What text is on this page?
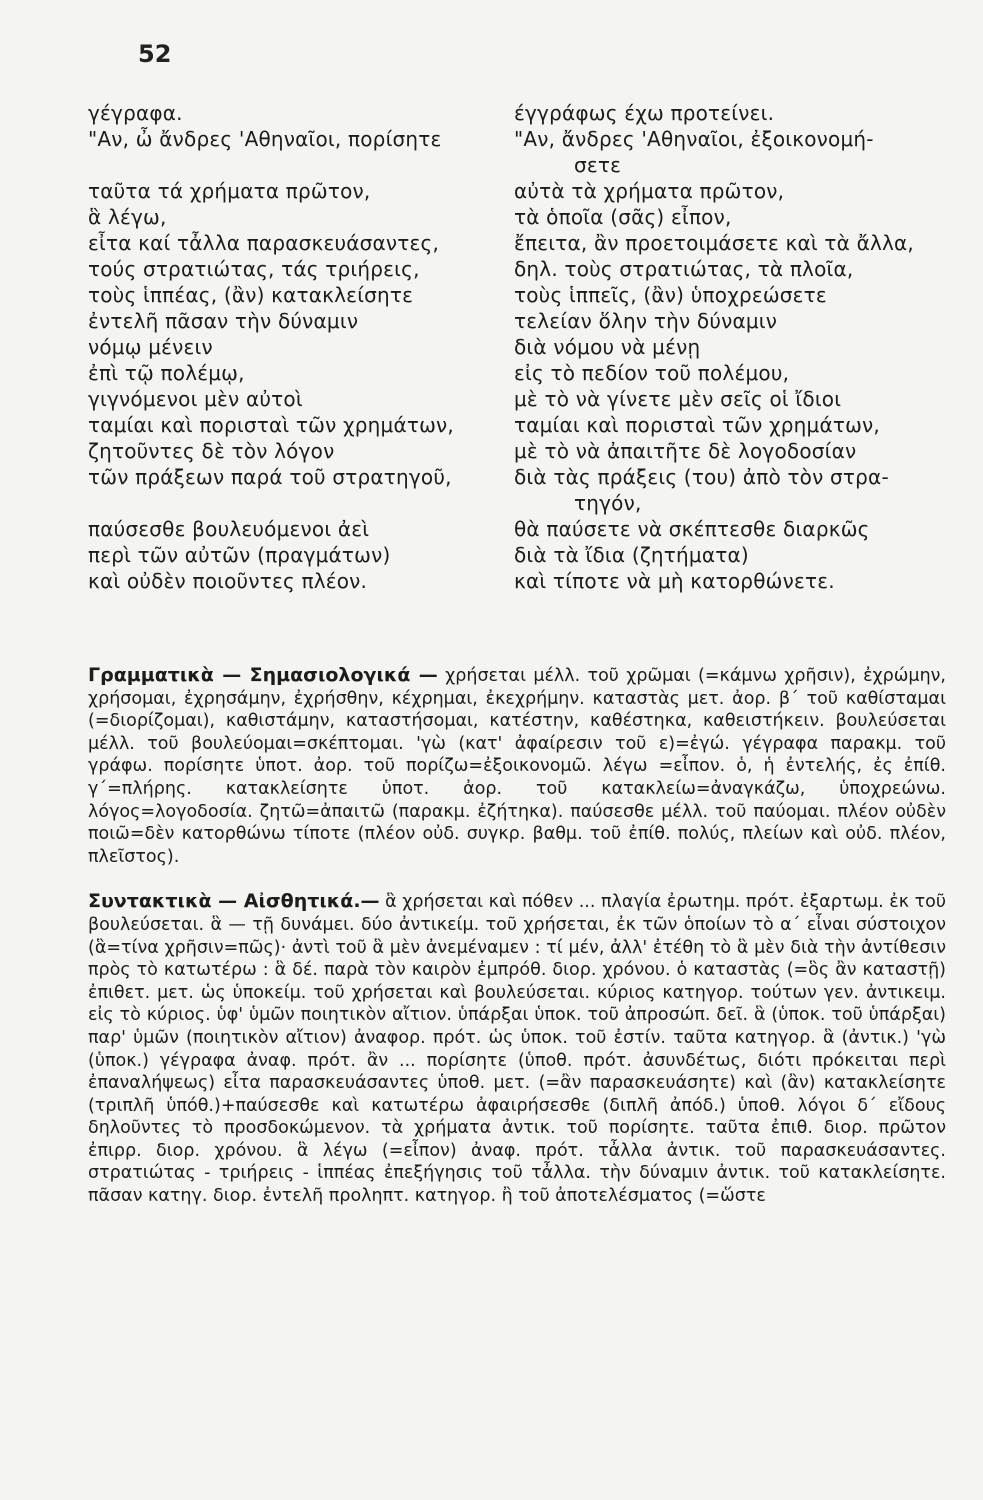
52
γέγραφα.	έγγράφως έχω προτείνει.
"Αν, ὦ ἄνδρες 'Αθηναῖοι, πορίσητε	"Αν, ἄνδρες 'Αθηναῖοι, ἐξοικονομή-
σετε
ταῦτα τά χρήματα πρῶτον,	αὐτὰ τὰ χρήματα πρῶτον,
ἃ λέγω,	τὰ ὁποῖα (σᾶς) εἶπον,
εἶτα καί τἆλλα παρασκευάσαντες,	ἔπειτα, ἂν προετοιμάσετε καὶ τὰ ἄλλα,
τούς στρατιώτας, τάς τριήρεις,	δηλ. τοὺς στρατιώτας, τὰ πλοῖα,
τοὺς ἱππέας, (ἂν) κατακλείσητε	τοὺς ἱππεῖς, (ἂν) ὑποχρεώσετε
ἐντελῆ πᾶσαν τὴν δύναμιν	τελείαν ὅλην τὴν δύναμιν
νόμῳ μένειν	διὰ νόμου νὰ μένῃ
ἐπὶ τῷ πολέμῳ,	εἰς τὸ πεδίον τοῦ πολέμου,
γιγνόμενοι μὲν αὐτοὶ	μὲ τὸ νὰ γίνετε μὲν σεῖς οἱ ἴδιοι
ταμίαι καὶ πορισταὶ τῶν χρημάτων,	ταμίαι καὶ πορισταὶ τῶν χρημάτων,
ζητοῦντες δὲ τὸν λόγον	μὲ τὸ νὰ ἀπαιτῆτε δὲ λογοδοσίαν
τῶν πράξεων παρά τοῦ στρατηγοῦ,	διὰ τὰς πράξεις (του) ἀπὸ τὸν στρα-
τηγόν,
παύσεσθε βουλευόμενοι ἀεὶ	θὰ παύσετε νὰ σκέπτεσθε διαρκῶς
περὶ τῶν αὐτῶν (πραγμάτων)	διὰ τὰ ἴδια (ζητήματα)
καὶ οὐδὲν ποιοῦντες πλέον.	καὶ τίποτε νὰ μὴ κατορθώνετε.

Γραμματικὰ — Σημασιολογικά — χρήσεται μέλλ. τοῦ χρῶμαι (=κάμνω χρῆσιν), ἐχρώμην, χρήσομαι, ἐχρησάμην, ἐχρήσθην, κέχρημαι, ἐκεχρήμην. καταστὰς μετ. ἀορ. β΄ τοῦ καθίσταμαι (=διορίζομαι), καθιστάμην, καταστήσομαι, κατέστην, καθέστηκα, καθειστήκειν. βουλεύσεται μέλλ. τοῦ βουλεύομαι=σκέπτομαι. 'γὼ (κατ' ἀφαίρεσιν τοῦ ε)=ἐγώ. γέγραφα παρακμ. τοῦ γράφω. πορίσητε ὑποτ. ἀορ. τοῦ πορίζω=ἐξοικονομῶ. λέγω =εἶπον. ὁ, ἡ ἐντελής, ἐς ἐπίθ. γ΄=πλήρης. κατακλείσητε ὑποτ. ἀορ. τοῦ κατακλείω=ἀναγκάζω, ὑποχρεώνω. λόγος=λογοδοσία. ζητῶ=ἀπαιτῶ (παρακμ. ἐζήτηκα). παύσεσθε μέλλ. τοῦ παύομαι. πλέον οὐδὲν ποιῶ=δὲν κατορθώνω τίποτε (πλέον οὐδ. συγκρ. βαθμ. τοῦ ἐπίθ. πολύς, πλείων καὶ οὐδ. πλέον, πλεῖστος).

Συντακτικὰ — Αἰσθητικά.— ἃ χρήσεται καὶ πόθεν ... πλαγία ἐρωτημ. πρότ. ἐξαρτωμ. ἐκ τοῦ βουλεύσεται. ἃ — τῇ δυνάμει. δύο ἀντικείμ. τοῦ χρήσεται, ἐκ τῶν ὁποίων τὸ α΄ εἶναι σύστοιχον (ἃ=τίνα χρῆσιν=πῶς)· ἀντὶ τοῦ ἃ μὲν ἀνεμέναμεν : τί μέν, ἀλλ' ἐτέθη τὸ ἃ μὲν διὰ τὴν ἀντίθεσιν πρὸς τὸ κατωτέρω : ἃ δέ. παρὰ τὸν καιρὸν ἐμπρόθ. διορ. χρόνου. ὁ καταστὰς (=ὃς ἂν καταστῇ) ἐπιθετ. μετ. ὡς ὑποκείμ. τοῦ χρήσεται καὶ βουλεύσεται. κύριος κατηγορ. τούτων γεν. ἀντικειμ. εἰς τὸ κύριος. ὑφ' ὑμῶν ποιητικὸν αἴτιον. ὑπάρξαι ὑποκ. τοῦ ἀπροσώπ. δεῖ. ἃ (ὑποκ. τοῦ ὑπάρξαι) παρ' ὑμῶν (ποιητικὸν αἴτιον) ἀναφορ. πρότ. ὡς ὑποκ. τοῦ ἐστίν. ταῦτα κατηγορ. ἃ (ἀντικ.) 'γὼ (ὑποκ.) γέγραφα ἀναφ. πρότ. ἂν ... πορίσητε (ὑποθ. πρότ. ἀσυνδέτως, διότι πρόκειται περὶ ἐπαναλήψεως) εἶτα παρασκευάσαντες ὑποθ. μετ. (=ἂν παρασκευάσητε) καὶ (ἂν) κατακλείσητε (τριπλῆ ὑπόθ.)+παύσεσθε καὶ κατωτέρω ἀφαιρήσεσθε (διπλῆ ἀπόδ.) ὑποθ. λόγοι δ΄ εἴδους δηλοῦντες τὸ προσδοκώμενον. τὰ χρήματα ἀντικ. τοῦ πορίσητε. ταῦτα ἐπιθ. διορ. πρῶτον ἐπιρρ. διορ. χρόνου. ἃ λέγω (=εἶπον) ἀναφ. πρότ. τἆλλα ἀντικ. τοῦ παρασκευάσαντες. στρατιώτας - τριήρεις - ἱππέας ἐπεξήγησις τοῦ τἆλλα. τὴν δύναμιν ἀντικ. τοῦ κατακλείσητε. πᾶσαν κατηγ. διορ. ἐντελῆ προληπτ. κατηγορ. ἢ τοῦ ἀποτελέσματος (=ὥστε
